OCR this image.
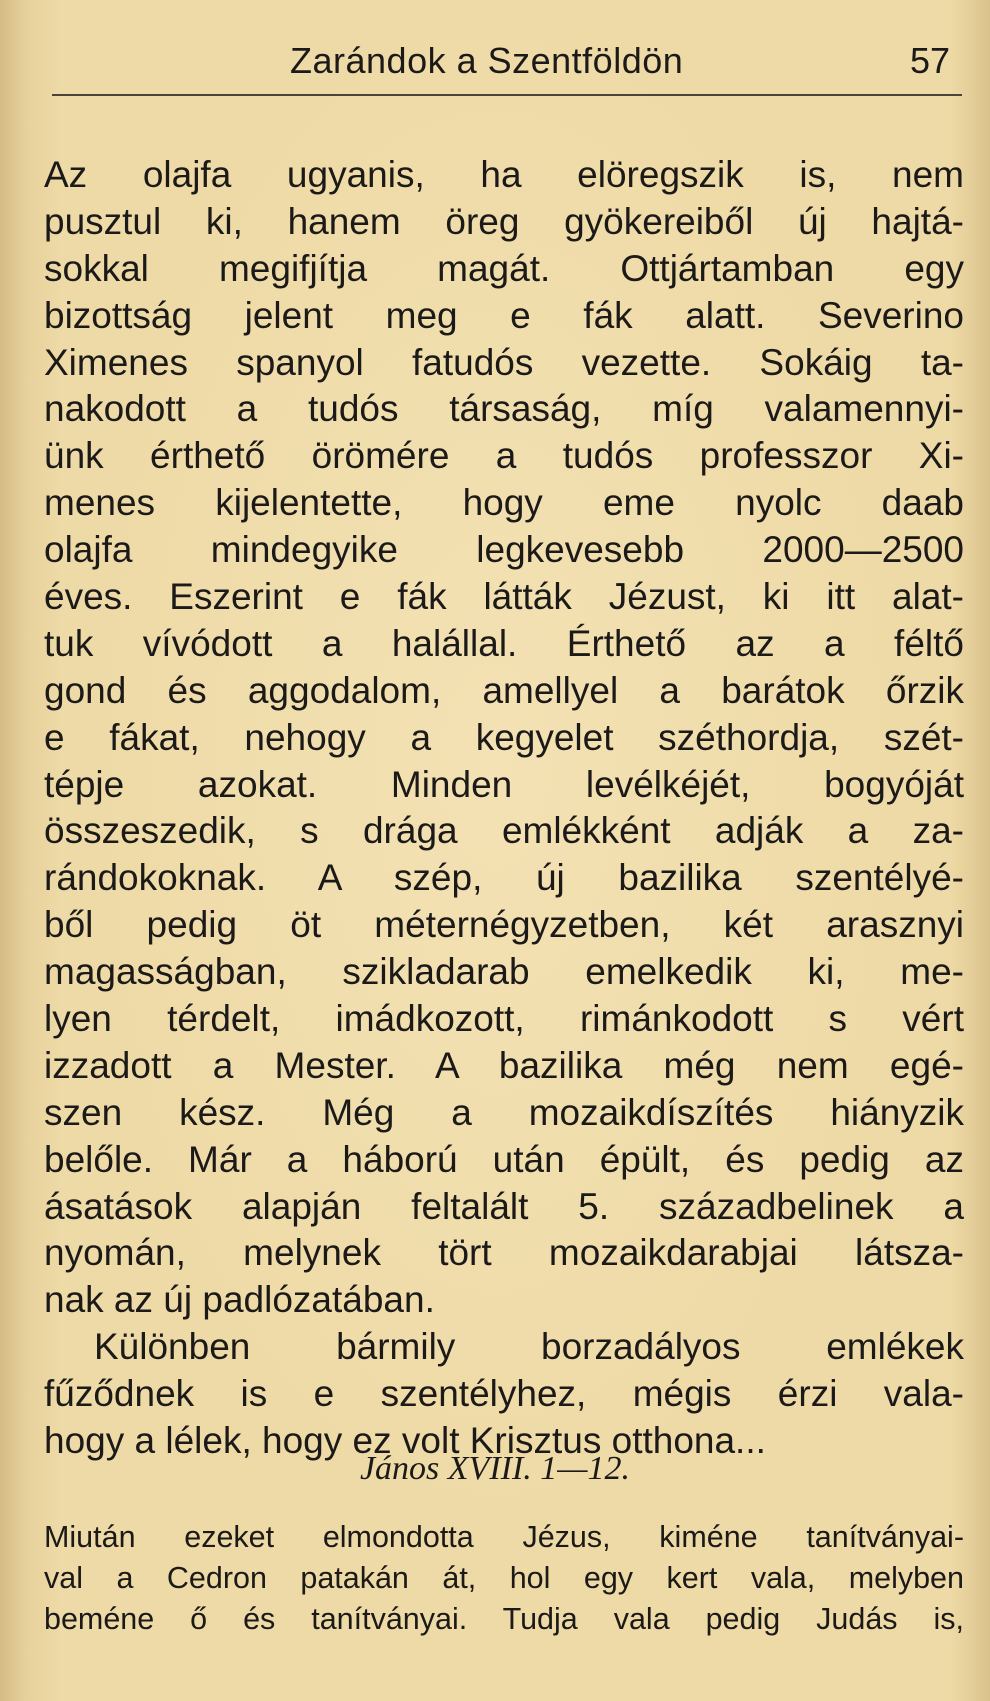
Zarándok a Szentföldön	57
Az olajfa ugyanis, ha elöregszik is, nem
pusztul ki, hanem öreg gyökereiből új hajtá-
sokkal megifjítja magát. Ottjártamban egy
bizottság jelent meg e fák alatt. Severino
Ximenes spanyol fatudós vezette. Sokáig ta-
nakodott a tudós társaság, míg valamennyi-
ünk érthető örömére a tudós professzor Xi-
menes kijelentette, hogy eme nyolc daab
olajfa mindegyike legkevesebb 2000—2500
éves. Eszerint e fák látták Jézust, ki itt alat-
tuk vívódott a halállal. Érthető az a féltő
gond és aggodalom, amellyel a barátok őrzik
e fákat, nehogy a kegyelet széthordja, szét-
tépje azokat. Minden levélkéjét, bogyóját
összeszedik, s drága emlékként adják a za-
rándokoknak. A szép, új bazilika szentélyé-
ből pedig öt méternégyzetben, két arasznyi
magasságban, szikladarab emelkedik ki, me-
lyen térdelt, imádkozott, rimánkodott s vért
izzadott a Mester. A bazilika még nem egé-
szen kész. Még a mozaikdíszítés hiányzik
belőle. Már a háború után épült, és pedig az
ásatások alapján feltalált 5. századbelinek a
nyomán, melynek tört mozaikdarabjai látsza-
nak az új padlózatában.
Különben bármily borzadályos emlékek
fűződnek is e szentélyhez, mégis érzi vala-
hogy a lélek, hogy ez volt Krisztus otthona...
János XVIII. 1—12.
Miután ezeket elmondotta Jézus, kiméne tanítványai-
val a Cedron patakán át, hol egy kert vala, melyben
beméne ő és tanítványai. Tudja vala pedig Judás is,
